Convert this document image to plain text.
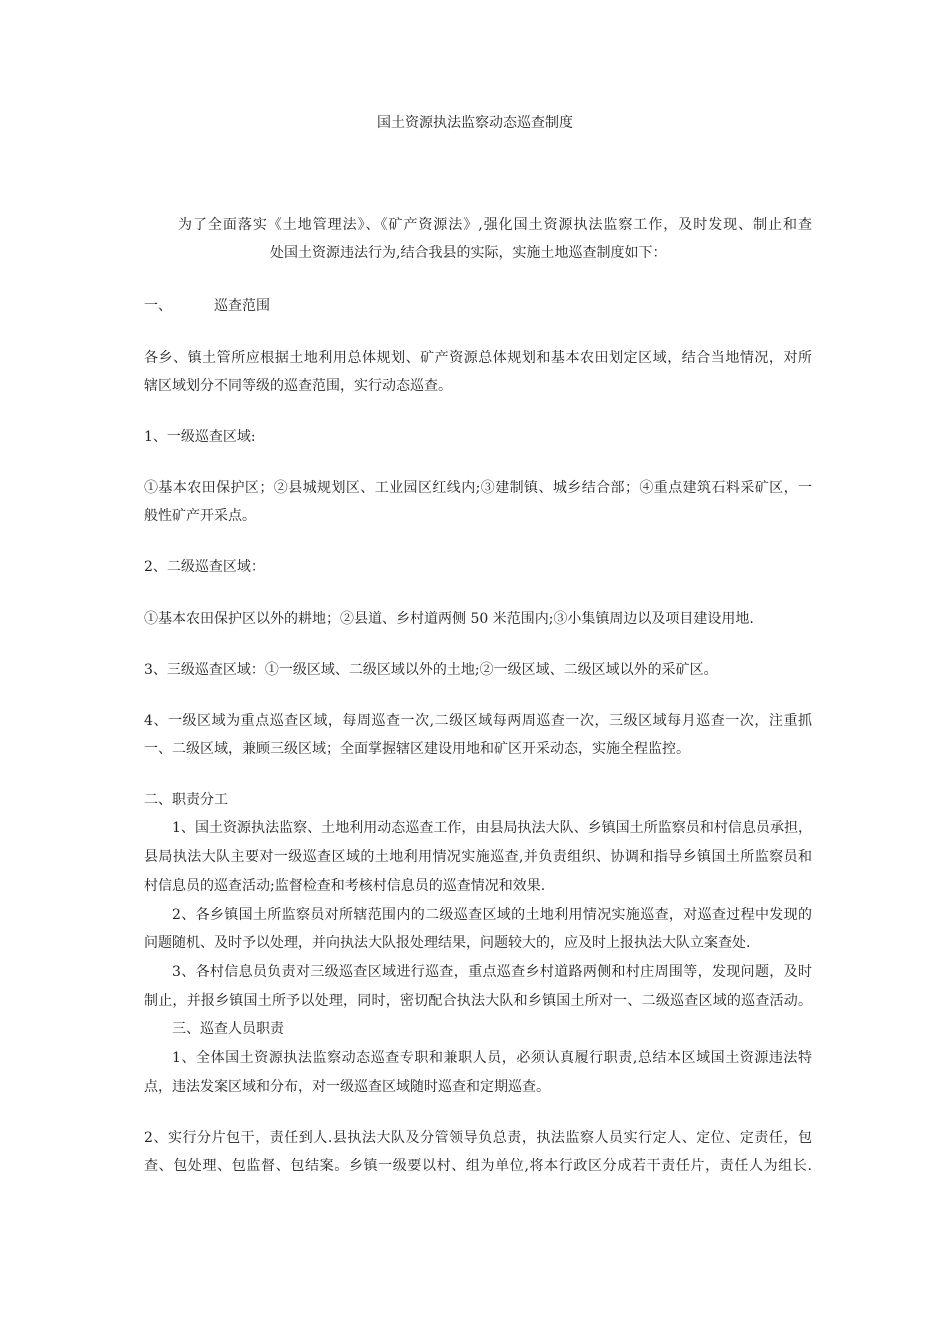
国土资源执法监察动态巡查制度
为了全面落实《土地管理法》、《矿产资源法》,强化国土资源执法监察工作，及时发现、制止和查
处国土资源违法行为,结合我县的实际，实施土地巡查制度如下：
一、	巡查范围
各乡、镇土管所应根据土地利用总体规划、矿产资源总体规划和基本农田划定区域，结合当地情况，对所
辖区域划分不同等级的巡查范围，实行动态巡查。
1、一级巡查区域:
①基本农田保护区；②县城规划区、工业园区红线内;③建制镇、城乡结合部；④重点建筑石料采矿区，一
般性矿产开采点。
2、二级巡查区域：
①基本农田保护区以外的耕地；②县道、乡村道两侧 50 米范围内;③小集镇周边以及项目建设用地.
3、三级巡查区域：①一级区域、二级区域以外的土地;②一级区域、二级区域以外的采矿区。
4、一级区域为重点巡查区域，每周巡查一次,二级区域每两周巡查一次，三级区域每月巡查一次，注重抓
一、二级区域，兼顾三级区域；全面掌握辖区建设用地和矿区开采动态，实施全程监控。
二、职责分工
1、国土资源执法监察、土地利用动态巡查工作，由县局执法大队、乡镇国土所监察员和村信息员承担，
县局执法大队主要对一级巡查区域的土地利用情况实施巡查,并负责组织、协调和指导乡镇国土所监察员和
村信息员的巡查活动;监督检查和考核村信息员的巡查情况和效果.
2、各乡镇国土所监察员对所辖范围内的二级巡查区域的土地利用情况实施巡查，对巡查过程中发现的
问题随机、及时予以处理，并向执法大队报处理结果，问题较大的，应及时上报执法大队立案查处.
3、各村信息员负责对三级巡查区域进行巡查，重点巡查乡村道路两侧和村庄周围等，发现问题，及时
制止，并报乡镇国土所予以处理，同时，密切配合执法大队和乡镇国土所对一、二级巡查区域的巡查活动。
三、巡查人员职责
1、全体国土资源执法监察动态巡查专职和兼职人员，必须认真履行职责,总结本区域国土资源违法特
点，违法发案区域和分布，对一级巡查区域随时巡查和定期巡查。
2、实行分片包干，责任到人.县执法大队及分管领导负总责，执法监察人员实行定人、定位、定责任，包
查、包处理、包监督、包结案。乡镇一级要以村、组为单位,将本行政区分成若干责任片，责任人为组长.
